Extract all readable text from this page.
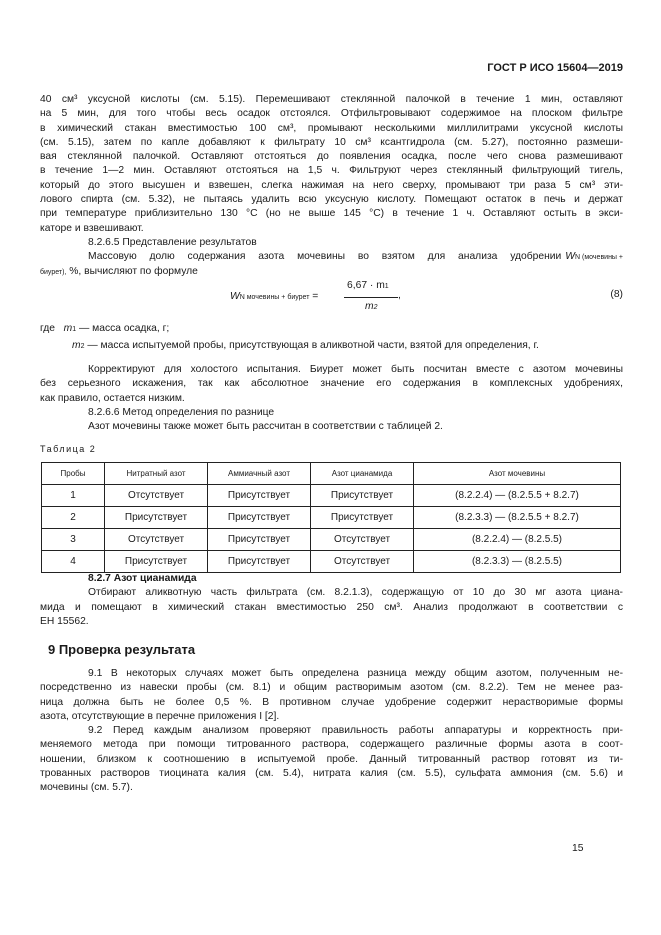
ГОСТ Р ИСО 15604—2019
40 см³ уксусной кислоты (см. 5.15). Перемешивают стеклянной палочкой в течение 1 мин, оставляют
на 5 мин, для того чтобы весь осадок отстоялся. Отфильтровывают содержимое на плоском фильтре
в химический стакан вместимостью 100 см³, промывают несколькими миллилитрами уксусной кислоты
(см. 5.15), затем по капле добавляют к фильтрату 10 см³ ксантгидрола (см. 5.27), постоянно размеши-
вая стеклянной палочкой. Оставляют отстояться до появления осадка, после чего снова размешивают
в течение 1—2 мин. Оставляют отстояться на 1,5 ч. Фильтруют через стеклянный фильтрующий тигель,
который до этого высушен и взвешен, слегка нажимая на него сверху, промывают три раза 5 см³ эти-
лового спирта (см. 5.32), не пытаясь удалить всю уксусную кислоту. Помещают остаток в печь и держат
при температуре приблизительно 130 °С (но не выше 145 °С) в течение 1 ч. Оставляют остыть в экси-
каторе и взвешивают.
8.2.6.5 Представление результатов
Массовую долю содержания азота мочевины во взятом для анализа удобрении WN (мочевины +
биурет), %, вычисляют по формуле
WN мочевины + биурет =
6,67 · m1
,
m2
(8)
где m1 — масса осадка, г;
m2 — масса испытуемой пробы, присутствующая в аликвотной части, взятой для определения, г.
Корректируют для холостого испытания. Биурет может быть посчитан вместе с азотом мочевины
без серьезного искажения, так как абсолютное значение его содержания в комплексных удобрениях,
как правило, остается низким.
8.2.6.6 Метод определения по разнице
Азот мочевины также может быть рассчитан в соответствии с таблицей 2.
Таблица 2
Пробы	Нитратный азот	Аммиачный азот	Азот цианамида	Азот мочевины
1	Отсутствует	Присутствует	Присутствует	(8.2.2.4) — (8.2.5.5 + 8.2.7)
2	Присутствует	Присутствует	Присутствует	(8.2.3.3) — (8.2.5.5 + 8.2.7)
3	Отсутствует	Присутствует	Отсутствует	(8.2.2.4) — (8.2.5.5)
4	Присутствует	Присутствует	Отсутствует	(8.2.3.3) — (8.2.5.5)
8.2.7 Азот цианамида
Отбирают аликвотную часть фильтрата (см. 8.2.1.3), содержащую от 10 до 30 мг азота циана-
мида и помещают в химический стакан вместимостью 250 см³. Анализ продолжают в соответствии с
ЕН 15562.
9 Проверка результата
9.1 В некоторых случаях может быть определена разница между общим азотом, полученным не-
посредственно из навески пробы (см. 8.1) и общим растворимым азотом (см. 8.2.2). Тем не менее раз-
ница должна быть не более 0,5 %. В противном случае удобрение содержит нерастворимые формы
азота, отсутствующие в перечне приложения I [2].
9.2 Перед каждым анализом проверяют правильность работы аппаратуры и корректность при-
меняемого метода при помощи титрованного раствора, содержащего различные формы азота в соот-
ношении, близком к соотношению в испытуемой пробе. Данный титрованный раствор готовят из ти-
трованных растворов тиоцината калия (см. 5.4), нитрата калия (см. 5.5), сульфата аммония (см. 5.6) и
мочевины (см. 5.7).
15
